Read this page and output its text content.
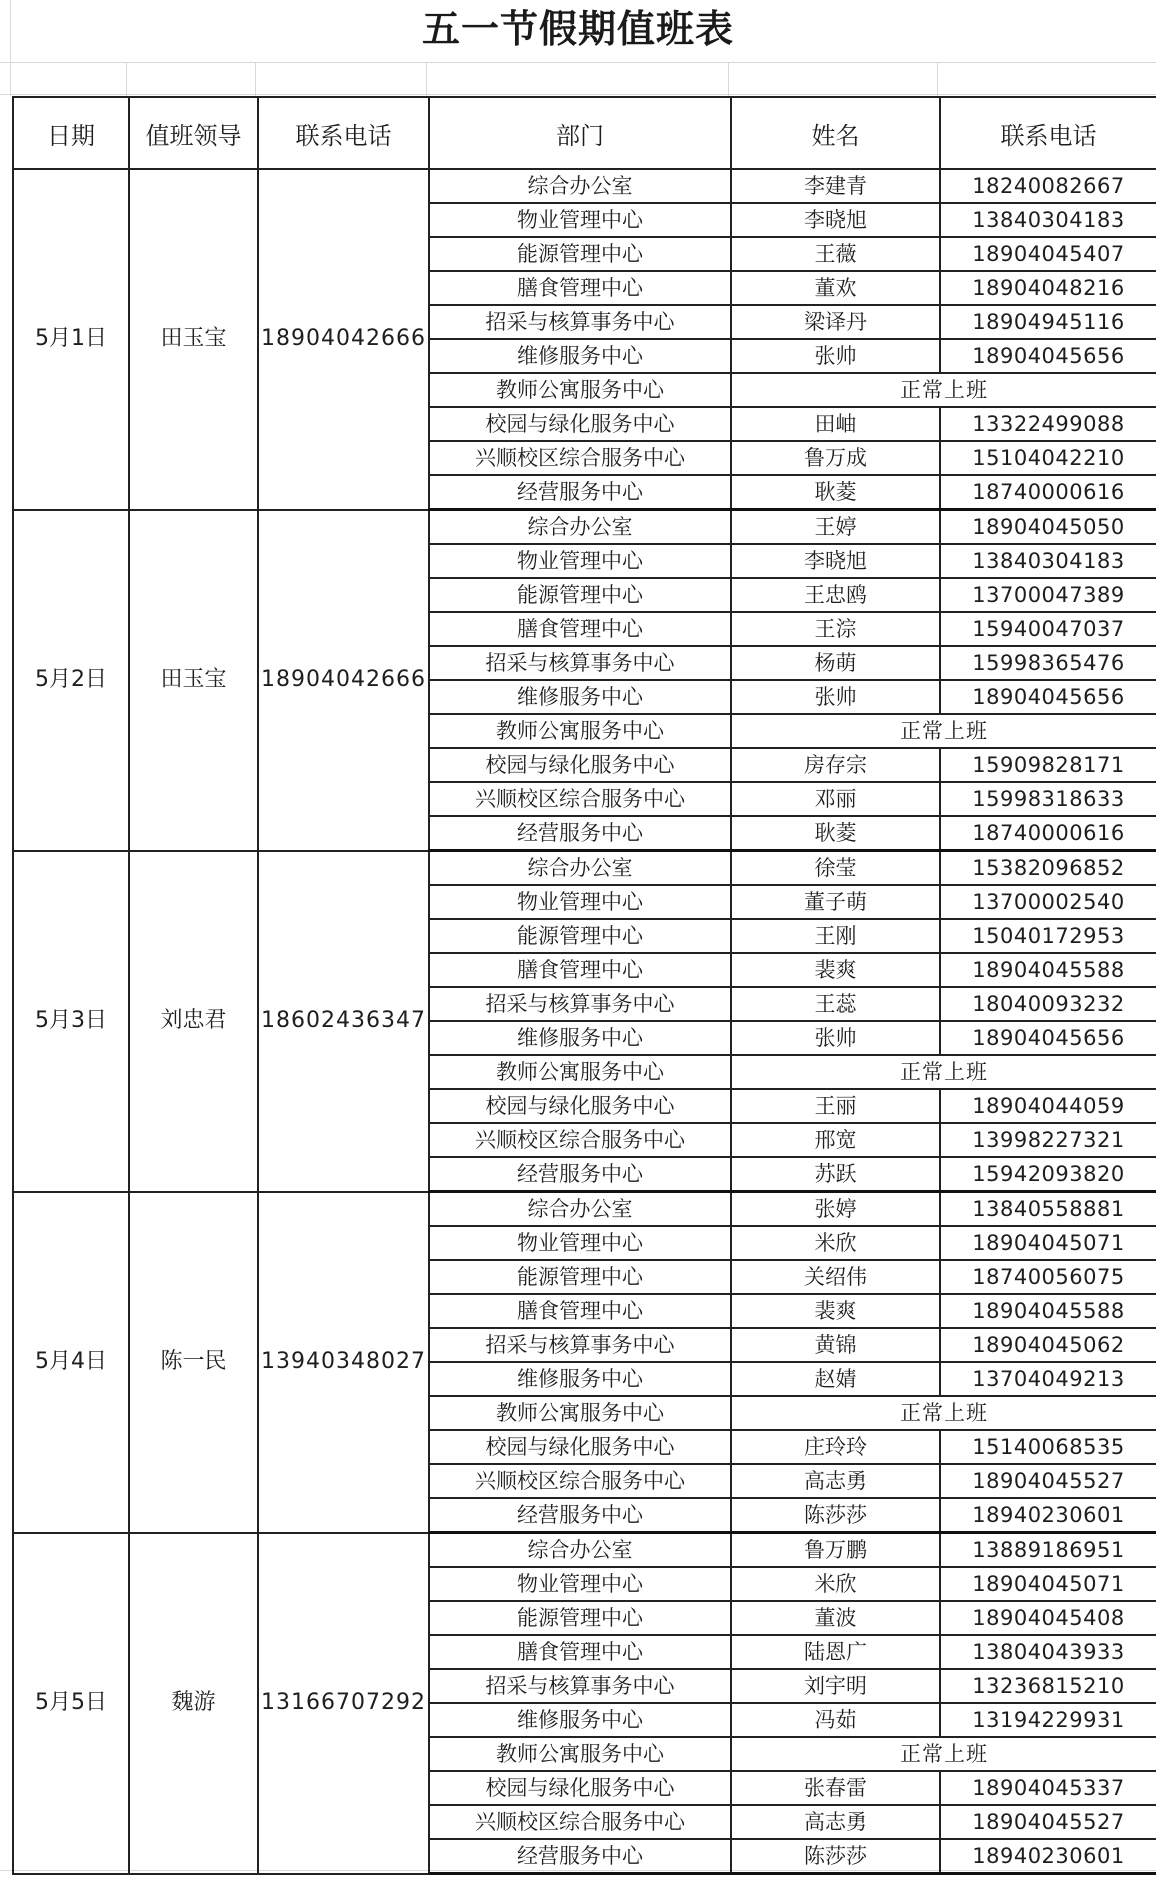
五一节假期值班表
日期	值班领导	联系电话	部门	姓名	联系电话
5月1日	田玉宝	18904042666	综合办公室	李建青	18240082667
			物业管理中心	李晓旭	13840304183
			能源管理中心	王薇	18904045407
			膳食管理中心	董欢	18904048216
			招采与核算事务中心	梁译丹	18904945116
			维修服务中心	张帅	18904045656
			教师公寓服务中心	正常上班	
			校园与绿化服务中心	田岫	13322499088
			兴顺校区综合服务中心	鲁万成	15104042210
			经营服务中心	耿菱	18740000616
5月2日	田玉宝	18904042666	综合办公室	王婷	18904045050
			物业管理中心	李晓旭	13840304183
			能源管理中心	王忠鸥	13700047389
			膳食管理中心	王淙	15940047037
			招采与核算事务中心	杨萌	15998365476
			维修服务中心	张帅	18904045656
			教师公寓服务中心	正常上班	
			校园与绿化服务中心	房存宗	15909828171
			兴顺校区综合服务中心	邓丽	15998318633
			经营服务中心	耿菱	18740000616
5月3日	刘忠君	18602436347	综合办公室	徐莹	15382096852
			物业管理中心	董子萌	13700002540
			能源管理中心	王刚	15040172953
			膳食管理中心	裴爽	18904045588
			招采与核算事务中心	王蕊	18040093232
			维修服务中心	张帅	18904045656
			教师公寓服务中心	正常上班	
			校园与绿化服务中心	王丽	18904044059
			兴顺校区综合服务中心	邢宽	13998227321
			经营服务中心	苏跃	15942093820
5月4日	陈一民	13940348027	综合办公室	张婷	13840558881
			物业管理中心	米欣	18904045071
			能源管理中心	关绍伟	18740056075
			膳食管理中心	裴爽	18904045588
			招采与核算事务中心	黄锦	18904045062
			维修服务中心	赵婧	13704049213
			教师公寓服务中心	正常上班	
			校园与绿化服务中心	庄玲玲	15140068535
			兴顺校区综合服务中心	高志勇	18904045527
			经营服务中心	陈莎莎	18940230601
5月5日	魏游	13166707292	综合办公室	鲁万鹏	13889186951
			物业管理中心	米欣	18904045071
			能源管理中心	董波	18904045408
			膳食管理中心	陆恩广	13804043933
			招采与核算事务中心	刘宇明	13236815210
			维修服务中心	冯茹	13194229931
			教师公寓服务中心	正常上班	
			校园与绿化服务中心	张春雷	18904045337
			兴顺校区综合服务中心	高志勇	18904045527
			经营服务中心	陈莎莎	18940230601
